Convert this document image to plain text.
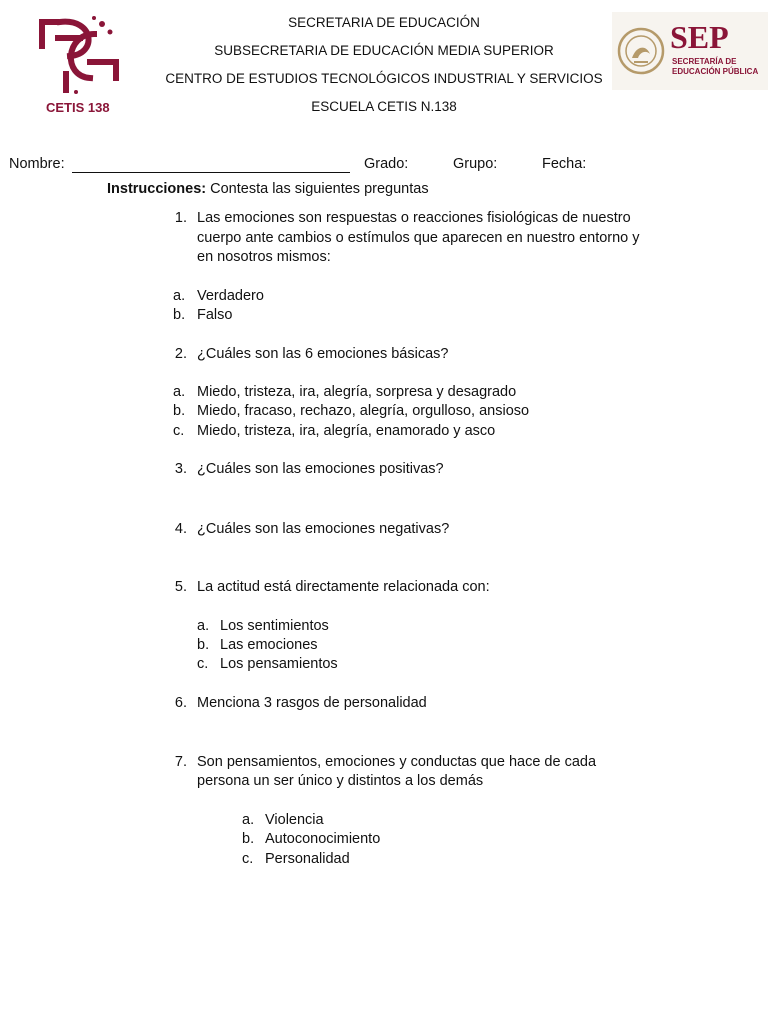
CETIS 138
SECRETARIA DE EDUCACIÓN
SUBSECRETARIA DE EDUCACIÓN MEDIA SUPERIOR
CENTRO DE ESTUDIOS TECNOLÓGICOS INDUSTRIAL Y SERVICIOS
ESCUELA CETIS N.138
SEP
SECRETARÍA DE
EDUCACIÓN PÚBLICA
Nombre:	Grado:	Grupo:	Fecha:
Instrucciones: Contesta las siguientes preguntas
1. Las emociones son respuestas o reacciones fisiológicas de nuestro
cuerpo ante cambios o estímulos que aparecen en nuestro entorno y
en nosotros mismos:
a. Verdadero
b. Falso
2. ¿Cuáles son las 6 emociones básicas?
a. Miedo, tristeza, ira, alegría, sorpresa y desagrado
b. Miedo, fracaso, rechazo, alegría, orgulloso, ansioso
c. Miedo, tristeza, ira, alegría, enamorado y asco
3. ¿Cuáles son las emociones positivas?
4. ¿Cuáles son las emociones negativas?
5. La actitud está directamente relacionada con:
a. Los sentimientos
b. Las emociones
c. Los pensamientos
6. Menciona 3 rasgos de personalidad
7. Son pensamientos, emociones y conductas que hace de cada
persona un ser único y distintos a los demás
a. Violencia
b. Autoconocimiento
c. Personalidad
